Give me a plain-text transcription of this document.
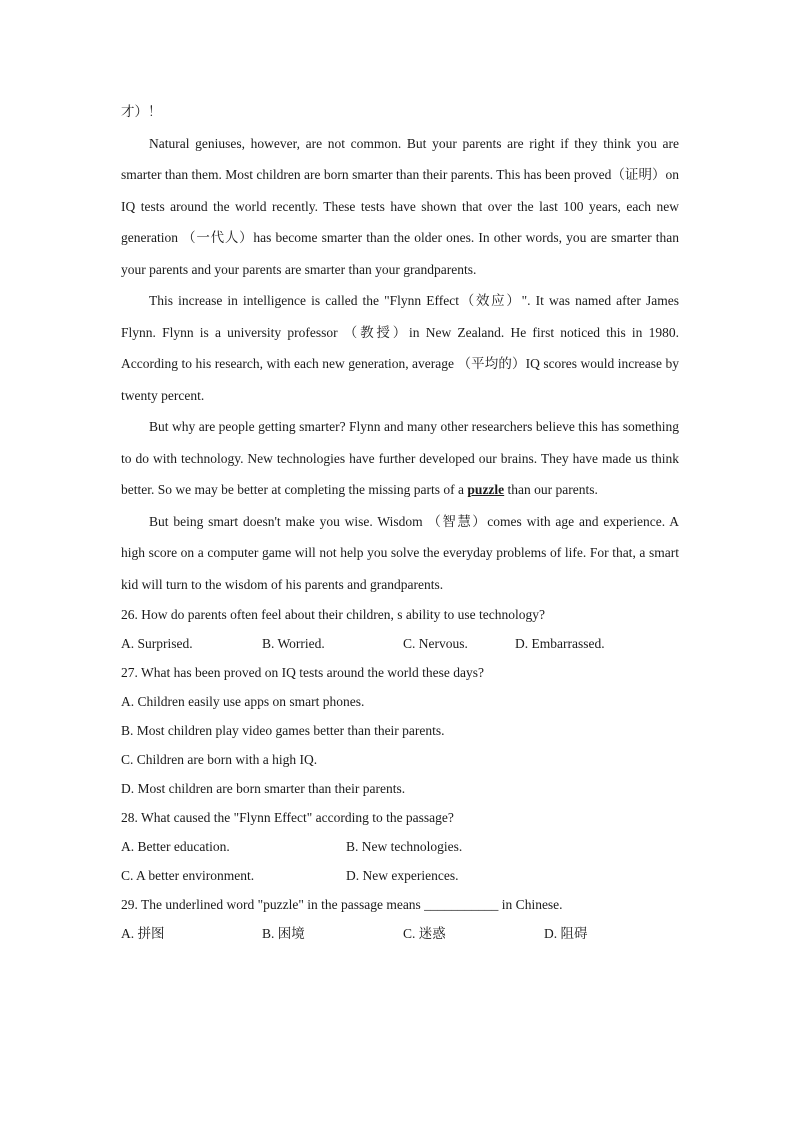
才）！

Natural geniuses, however, are not common. But your parents are right if they think you are smarter than them. Most children are born smarter than their parents. This has been proved（证明）on IQ tests around the world recently. These tests have shown that over the last 100 years, each new generation （一代人）has become smarter than the older ones. In other words, you are smarter than your parents and your parents are smarter than your grandparents.

This increase in intelligence is called the "Flynn Effect（效应）". It was named after James Flynn. Flynn is a university professor （教授）in New Zealand. He first noticed this in 1980. According to his research, with each new generation, average （平均的）IQ scores would increase by twenty percent.

But why are people getting smarter? Flynn and many other researchers believe this has something to do with technology. New technologies have further developed our brains. They have made us think better. So we may be better at completing the missing parts of a puzzle than our parents.

But being smart doesn't make you wise. Wisdom （智慧）comes with age and experience. A high score on a computer game will not help you solve the everyday problems of life. For that, a smart kid will turn to the wisdom of his parents and grandparents.

26. How do parents often feel about their children, s ability to use technology?
A. Surprised.	B. Worried.	C. Nervous.	D. Embarrassed.
27. What has been proved on IQ tests around the world these days?
A. Children easily use apps on smart phones.
B. Most children play video games better than their parents.
C. Children are born with a high IQ.
D. Most children are born smarter than their parents.
28. What caused the "Flynn Effect" according to the passage?
A. Better education.	B. New technologies.
C. A better environment.	D. New experiences.
29. The underlined word "puzzle" in the passage means ___________ in Chinese.
A. 拼图	B. 困境	C. 迷惑	D. 阻碍
